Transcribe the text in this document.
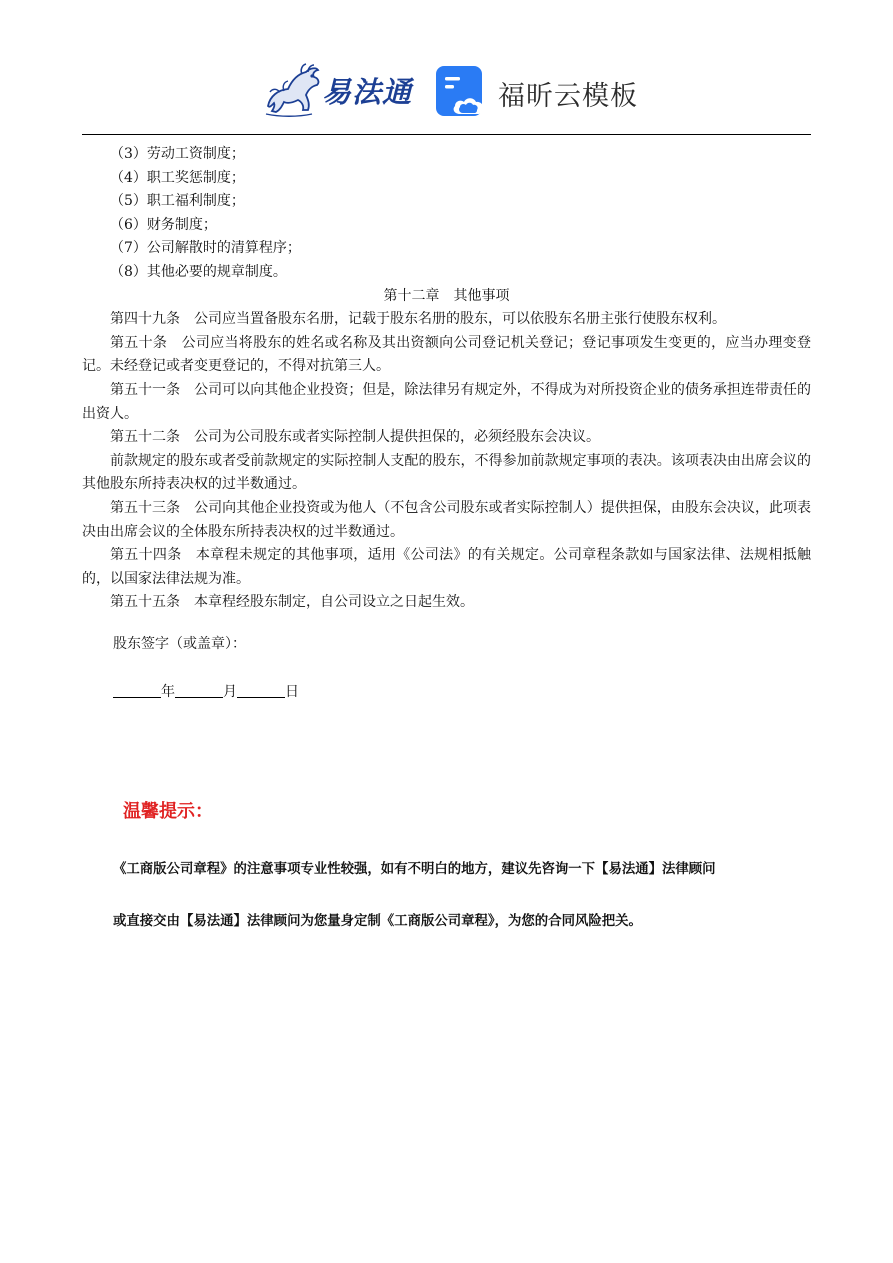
易法通	福昕云模板

（3）劳动工资制度；

（4）职工奖惩制度；

（5）职工福利制度；

（6）财务制度；

（7）公司解散时的清算程序；

（8）其他必要的规章制度。

第十二章　其他事项

第四十九条　公司应当置备股东名册，记载于股东名册的股东，可以依股东名册主张行使股东权利。

第五十条　公司应当将股东的姓名或名称及其出资额向公司登记机关登记；登记事项发生变更的，应当办理变登记。未经登记或者变更登记的，不得对抗第三人。

第五十一条　公司可以向其他企业投资；但是，除法律另有规定外，不得成为对所投资企业的债务承担连带责任的出资人。

第五十二条　公司为公司股东或者实际控制人提供担保的，必须经股东会决议。

前款规定的股东或者受前款规定的实际控制人支配的股东，不得参加前款规定事项的表决。该项表决由出席会议的其他股东所持表决权的过半数通过。

第五十三条　公司向其他企业投资或为他人（不包含公司股东或者实际控制人）提供担保，由股东会决议，此项表决由出席会议的全体股东所持表决权的过半数通过。

第五十四条　本章程未规定的其他事项，适用《公司法》的有关规定。公司章程条款如与国家法律、法规相抵触的，以国家法律法规为准。

第五十五条　本章程经股东制定，自公司设立之日起生效。

股东签字（或盖章）：
年	月	日
温馨提示：
《工商版公司章程》的注意事项专业性较强，如有不明白的地方，建议先咨询一下【易法通】法律顾问
或直接交由【易法通】法律顾问为您量身定制《工商版公司章程》，为您的合同风险把关。
